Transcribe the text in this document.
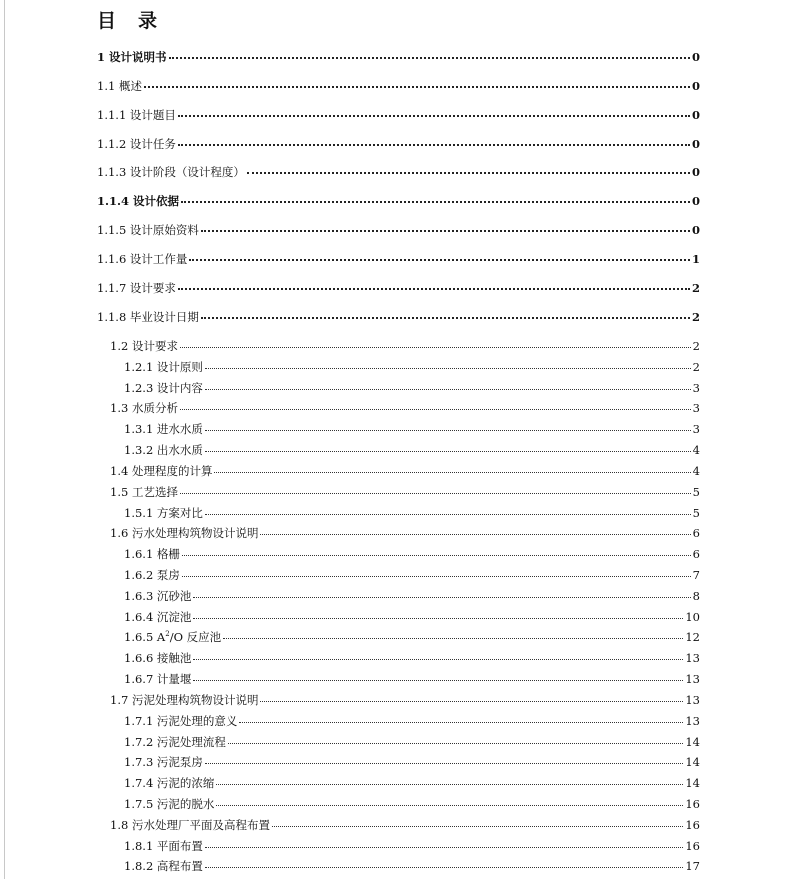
目 录
1 设计说明书	0
1.1 概述	0
1.1.1 设计题目	0
1.1.2 设计任务	0
1.1.3 设计阶段（设计程度）	0
1.1.4 设计依据	0
1.1.5 设计原始资料	0
1.1.6 设计工作量	1
1.1.7 设计要求	2
1.1.8 毕业设计日期	2
1.2 设计要求	2
1.2.1 设计原则	2
1.2.3 设计内容	3
1.3 水质分析	3
1.3.1 进水水质	3
1.3.2 出水水质	4
1.4 处理程度的计算	4
1.5 工艺选择	5
1.5.1 方案对比	5
1.6 污水处理构筑物设计说明	6
1.6.1 格栅	6
1.6.2 泵房	7
1.6.3 沉砂池	8
1.6.4 沉淀池	10
1.6.5 $A^2/O$ 反应池	12
1.6.6 接触池	13
1.6.7 计量堰	13
1.7 污泥处理构筑物设计说明	13
1.7.1 污泥处理的意义	13
1.7.2 污泥处理流程	14
1.7.3 污泥泵房	14
1.7.4 污泥的浓缩	14
1.7.5 污泥的脱水	16
1.8 污水处理厂平面及高程布置	16
1.8.1 平面布置	16
1.8.2 高程布置	17
